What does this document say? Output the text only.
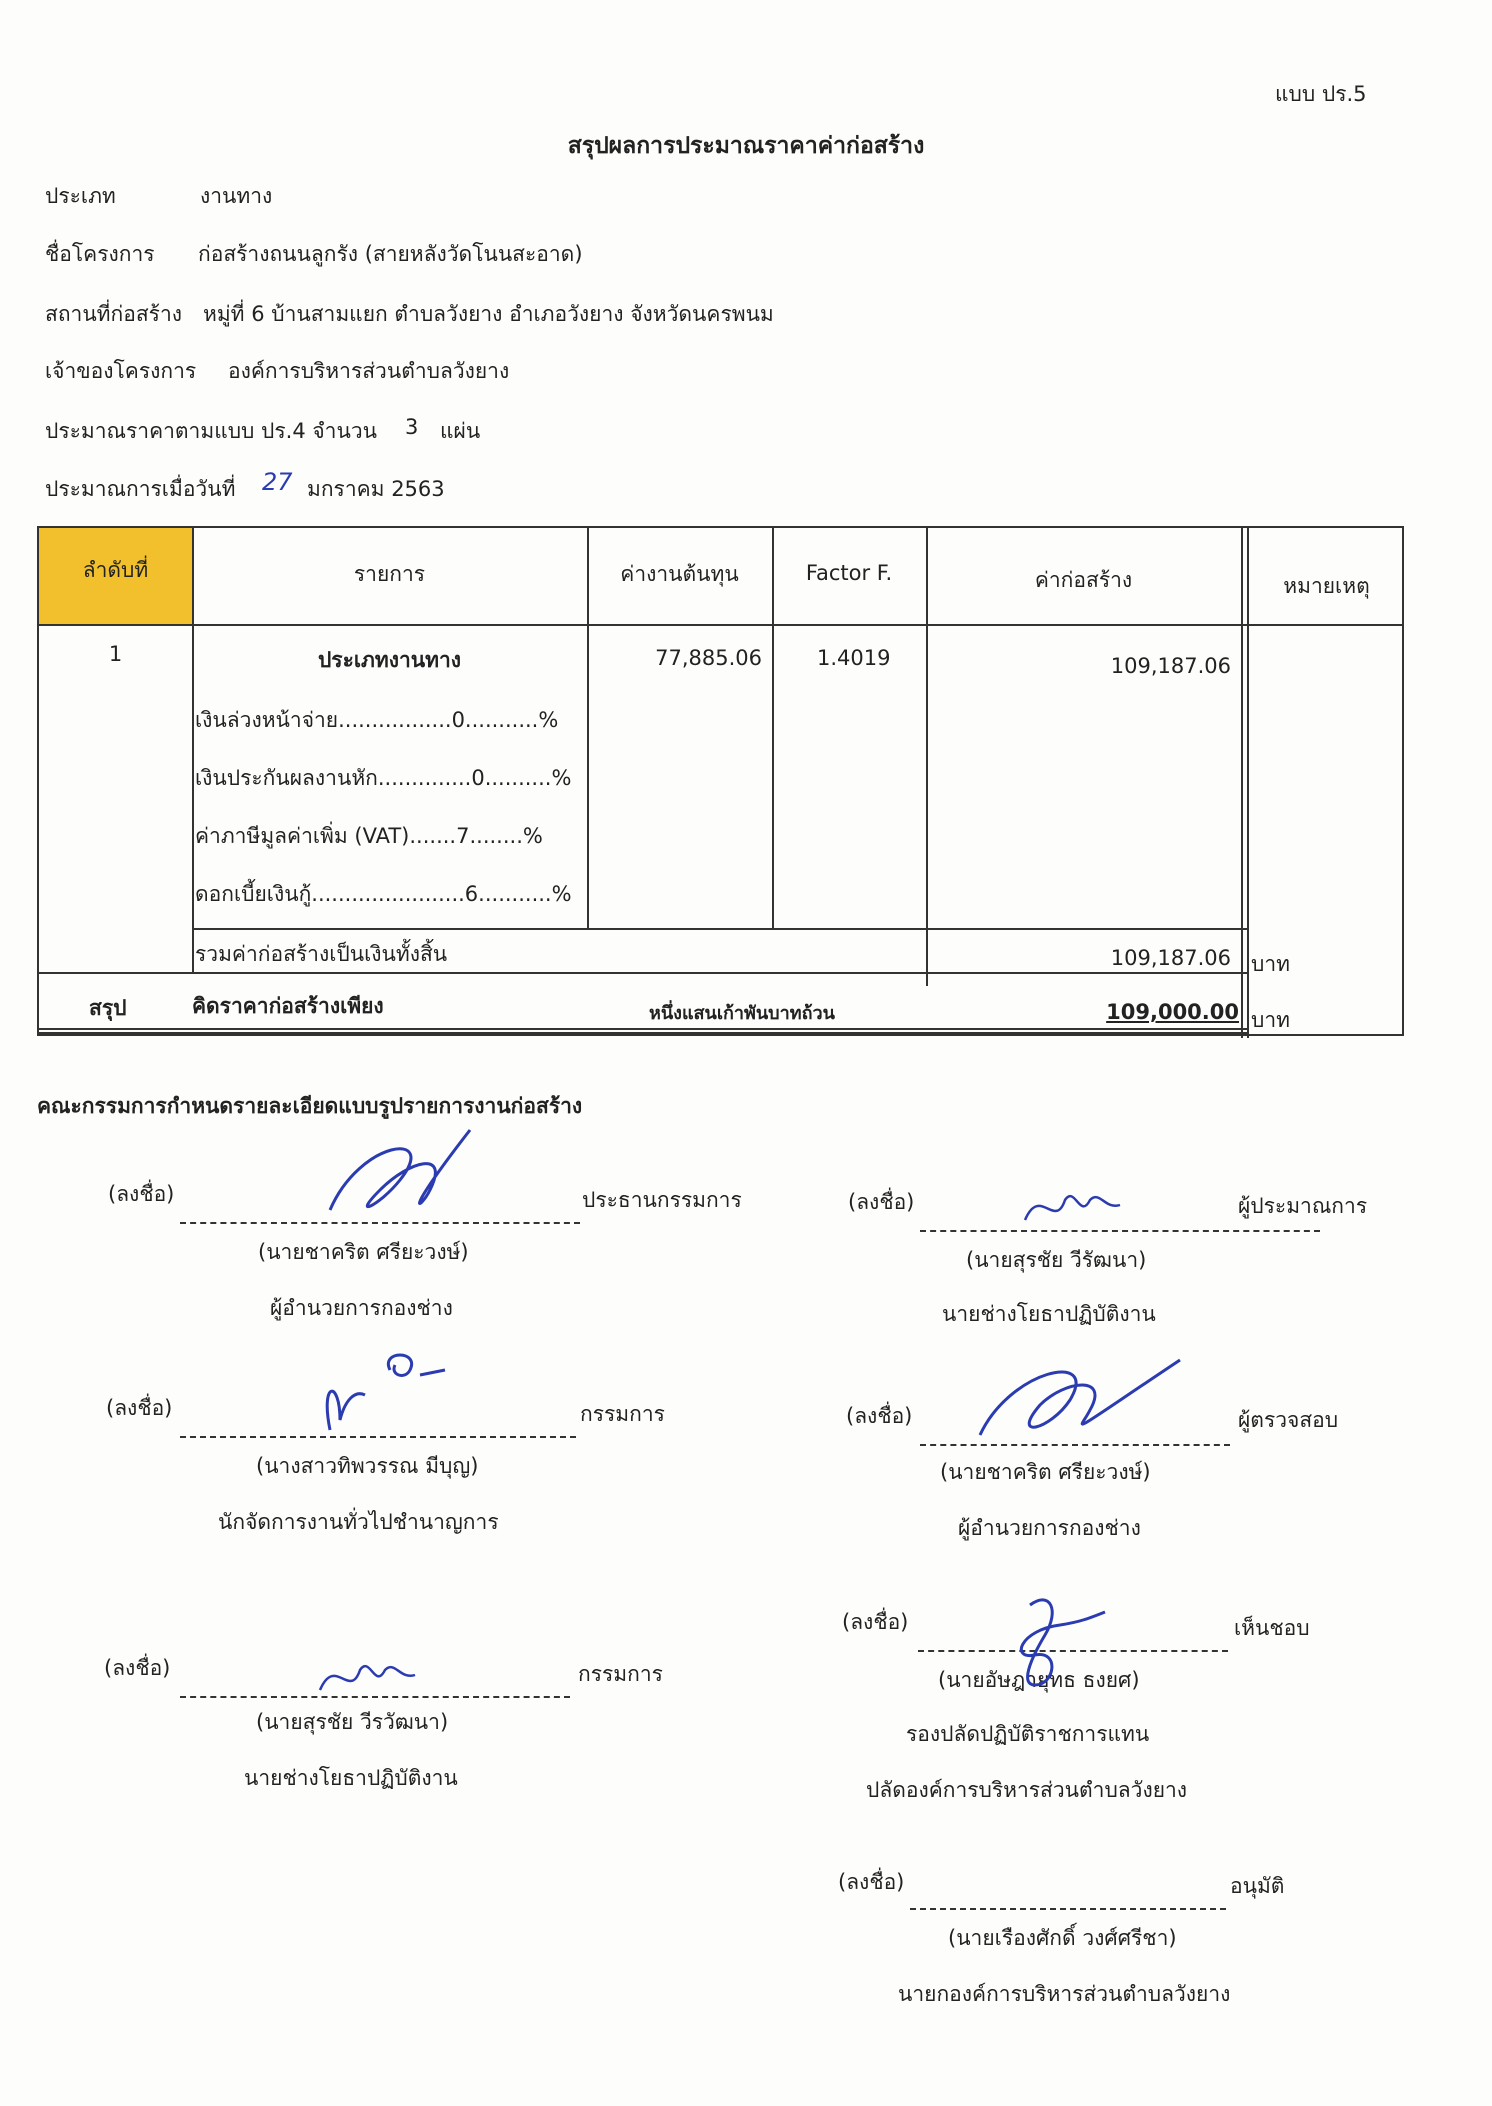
แบบ ปร.5
สรุปผลการประมาณราคาค่าก่อสร้าง
ประเภท	งานทาง
ชื่อโครงการ ก่อสร้างถนนลูกรัง (สายหลังวัดโนนสะอาด)
สถานที่ก่อสร้าง หมู่ที่ 6 บ้านสามแยก ตำบลวังยาง อำเภอวังยาง จังหวัดนครพนม
เจ้าของโครงการ องค์การบริหารส่วนตำบลวังยาง
ประมาณราคาตามแบบ ปร.4 จำนวน 3 แผ่น
ประมาณการเมื่อวันที่ 27 มกราคม 2563
ลำดับที่	รายการ	ค่างานต้นทุน	Factor F.	ค่าก่อสร้าง	หมายเหตุ
1	ประเภทงานทาง	77,885.06	1.4019	109,187.06
เงินล่วงหน้าจ่าย.................0...........%
เงินประกันผลงานหัก..............0..........%
ค่าภาษีมูลค่าเพิ่ม (VAT).......7........%
ดอกเบี้ยเงินกู้.......................6...........%
รวมค่าก่อสร้างเป็นเงินทั้งสิ้น	109,187.06 บาท
สรุป	คิดราคาก่อสร้างเพียง	หนึ่งแสนเก้าพันบาทถ้วน	109,000.00 บาท
คณะกรรมการกำหนดรายละเอียดแบบรูปรายการงานก่อสร้าง
(ลงชื่อ)	ประธานกรรมการ
(นายชาคริต ศรียะวงษ์)
ผู้อำนวยการกองช่าง
(ลงชื่อ)	ผู้ประมาณการ
(นายสุรชัย วีรัฒนา)
นายช่างโยธาปฏิบัติงาน
(ลงชื่อ)	กรรมการ
(นางสาวทิพวรรณ มีบุญ)
นักจัดการงานทั่วไปชำนาญการ
(ลงชื่อ)	ผู้ตรวจสอบ
(นายชาคริต ศรียะวงษ์)
ผู้อำนวยการกองช่าง
(ลงชื่อ)	กรรมการ
(นายสุรชัย วีรวัฒนา)
นายช่างโยธาปฏิบัติงาน
(ลงชื่อ)	เห็นชอบ
(นายอัษฎายุทธ ธงยศ)
รองปลัดปฏิบัติราชการแทน
ปลัดองค์การบริหารส่วนตำบลวังยาง
(ลงชื่อ)	อนุมัติ
(นายเรืองศักดิ์ วงศ์ศรีชา)
นายกองค์การบริหารส่วนตำบลวังยาง
